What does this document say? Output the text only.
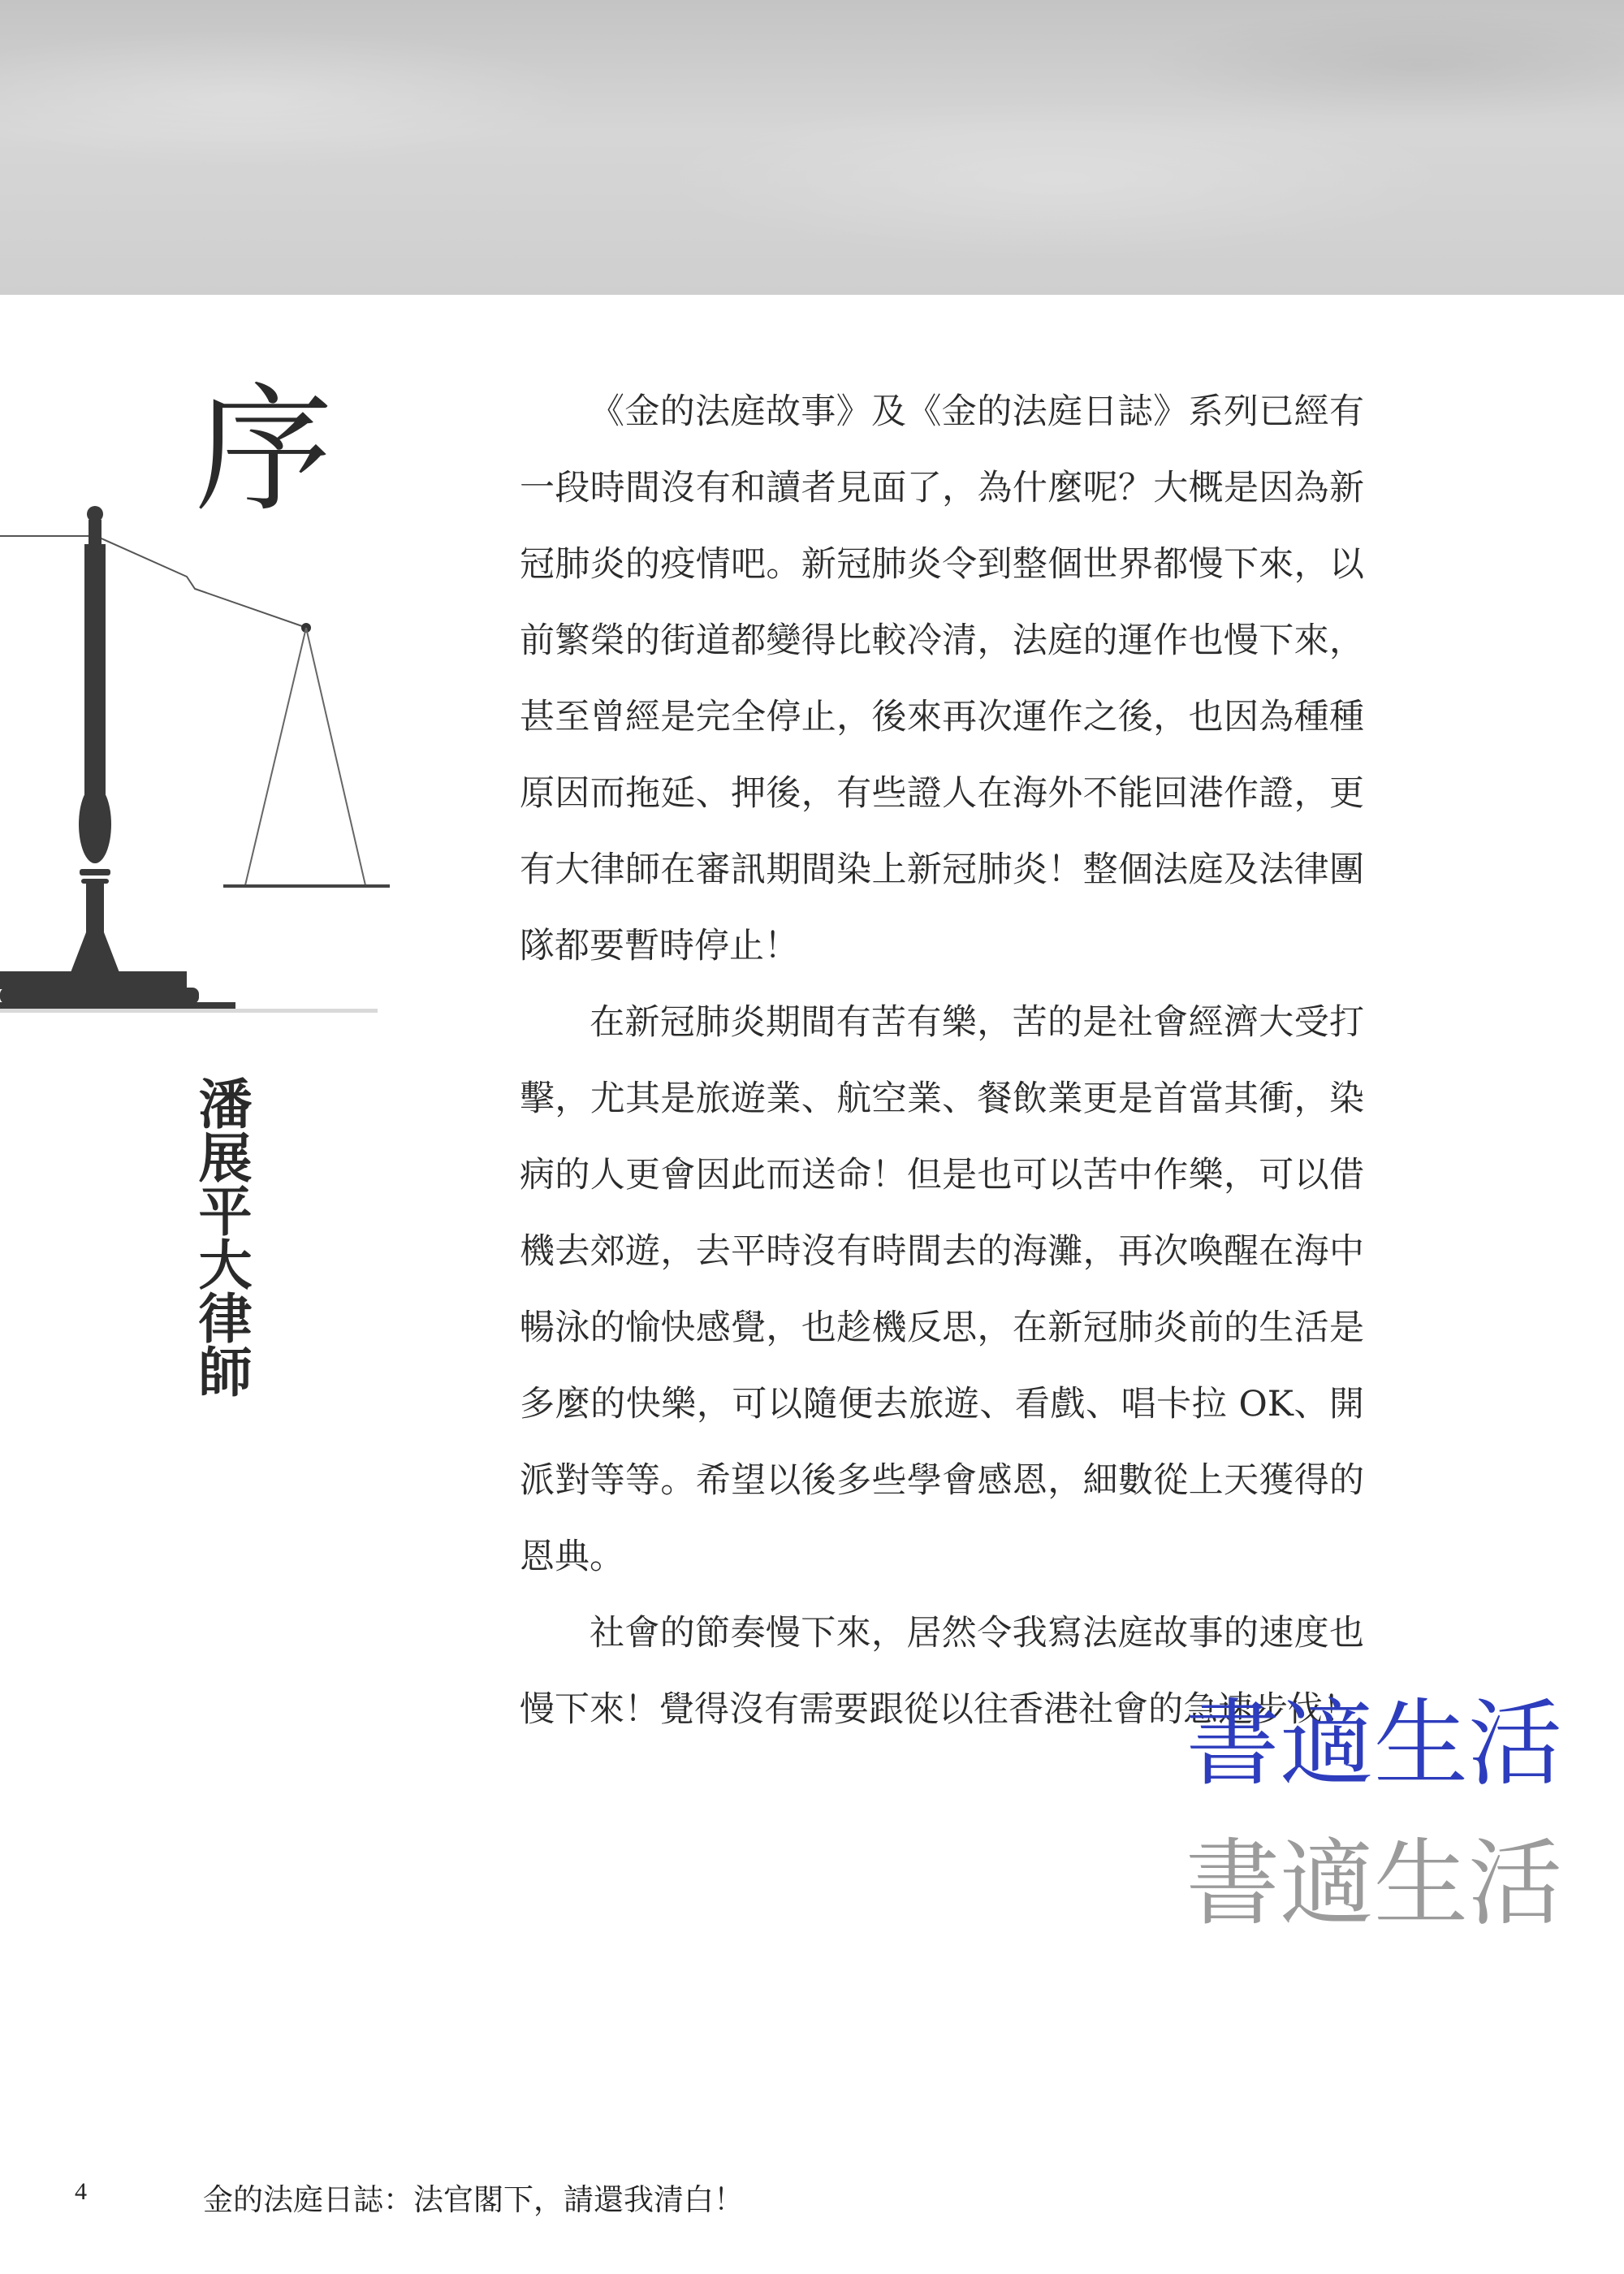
序
潘展平大律師

《金的法庭故事》及《金的法庭日誌》系列已經有一段時間沒有和讀者見面了，為什麼呢？大概是因為新冠肺炎的疫情吧。新冠肺炎令到整個世界都慢下來，以前繁榮的街道都變得比較冷清，法庭的運作也慢下來，甚至曾經是完全停止，後來再次運作之後，也因為種種原因而拖延、押後，有些證人在海外不能回港作證，更有大律師在審訊期間染上新冠肺炎！整個法庭及法律團隊都要暫時停止！

在新冠肺炎期間有苦有樂，苦的是社會經濟大受打擊，尤其是旅遊業、航空業、餐飲業更是首當其衝，染病的人更會因此而送命！但是也可以苦中作樂，可以借機去郊遊，去平時沒有時間去的海灘，再次喚醒在海中暢泳的愉快感覺，也趁機反思，在新冠肺炎前的生活是多麼的快樂，可以隨便去旅遊、看戲、唱卡拉 OK、開派對等等。希望以後多些學會感恩，細數從上天獲得的恩典。

社會的節奏慢下來，居然令我寫法庭故事的速度也慢下來！覺得沒有需要跟從以往香港社會的急速步伐！

書適生活
書適生活
4	金的法庭日誌：法官閣下，請還我清白！
